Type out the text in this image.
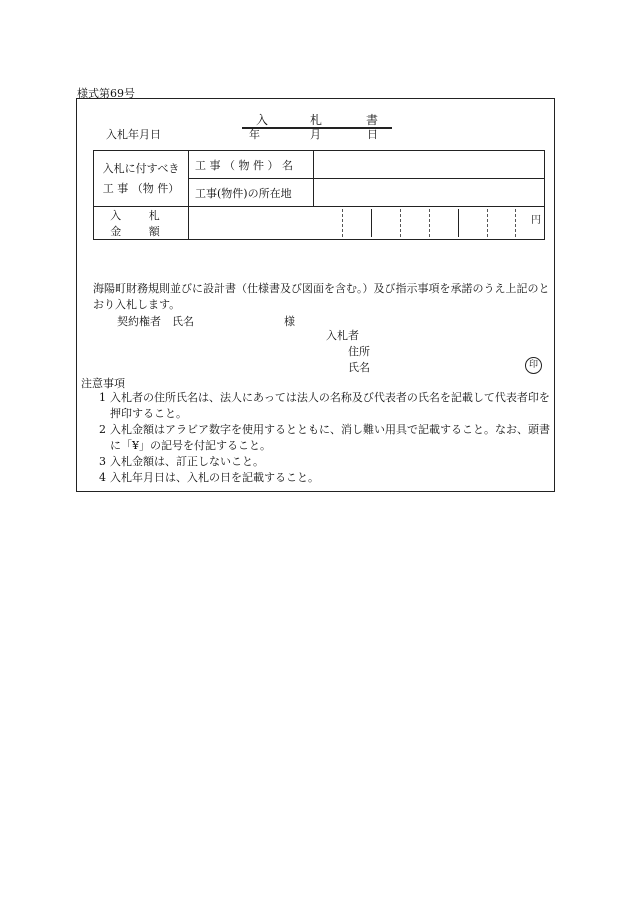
様式第69号
入	札	書
入札年月日	年	月	日
入札に付すべき
工 事 （物 件）	工 事 （ 物 件 ） 名	
	工事(物件)の所在地	
入 札 金 額	円	
海陽町財務規則並びに設計書（仕様書及び図面を含む。）及び指示事項を承諾のうえ上記のとおり入札します。
契約権者　氏名	様
入札者
住所
氏名	印
注意事項
1 入札者の住所氏名は、法人にあっては法人の名称及び代表者の氏名を記載して代表者印を押印すること。
2 入札金額はアラビア数字を使用するとともに、消し難い用具で記載すること。なお、頭書に「¥」の記号を付記すること。
3 入札金額は、訂正しないこと。
4 入札年月日は、入札の日を記載すること。
